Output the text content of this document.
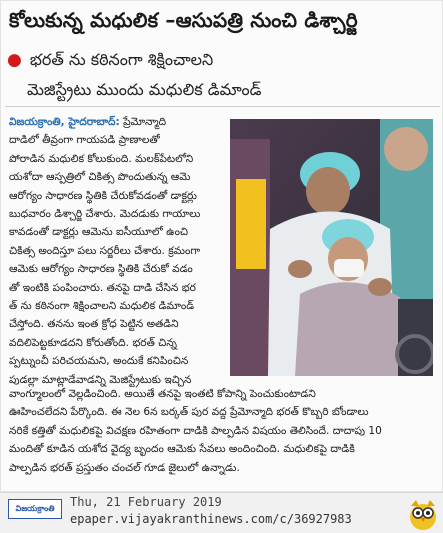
కోలుకున్న మధులిక –ఆసుపత్రి నుంచి డిశ్చార్జి
● భరత్ ను కఠినంగా శిక్షించాలని
మెజిస్ట్రేటు ముందు మధులిక డిమాండ్

విజయక్రాంతి, హైదరాబాద్: ప్రేమోన్మాది

దాడిలో తీవ్రంగా గాయపడి ప్రాణాలతో

పోరాడిన మధులిక కోలుకుంది. మలక్‌పేటలోని

యశోదా ఆస్పత్రిలో చికిత్స పొందుతున్న ఆమె

ఆరోగ్యం సాధారణ స్థితికి చేరుకోవడంతో డాక్టర్లు

బుధవారం డిశ్చార్జి చేశారు. మెదడుకు గాయాలు

కావడంతో డాక్టర్లు ఆమెను ఐసీయూలో ఉంచి

చికిత్స అందిస్తూ పలు సర్జరీలు చేశారు. క్రమంగా

ఆమెకు ఆరోగ్యం సాధారణ స్థితికి చేరుకో వడం

తో ఇంటికి పంపించారు. తనపై దాడి చేసిన భర

త్ ను కఠినంగా శిక్షించాలని మధులిక డిమాండ్

చేస్తోంది. తనను ఇంత క్రోధ పెట్టిన అతడిని

వదిలిపెట్టకూడదని కోరుతోంది. భరత్ చిన్న

ప్పట్నుంచీ పరిచయమని, అందుకే కనిపించిన

పుడల్లా మాట్లాడేవాడన్ని మెజిస్ట్రేటుకు ఇచ్చిన

వాంగ్మూలంలో వెల్లడించింది. అయితే తనపై ఇంతటి కోపాన్ని పెంచుకుంటాడని

ఊహించలేదని పేర్కొంది. ఈ నెల 6న బర్కత్ పుర వద్ద ప్రేమోన్మాది భరత్ కొబ్బరి బోండాలు

నరికే కత్తితో మధులికపై విచక్షణ రహితంగా దాడికి పాల్పడిన విషయం తెలిసిందే. దాదాపు 10

మందితో కూడిన యశోద వైద్య బృందం ఆమెకు సేవలు అందించింది. మధులికపై దాడికి

పాల్పడిన భరత్ ప్రస్తుతం చంచల్ గూడ జైలులో ఉన్నాడు.

విజయక్రాంతి	Thu, 21 February 2019
epaper.vijayakranthinews.com/c/36927983
